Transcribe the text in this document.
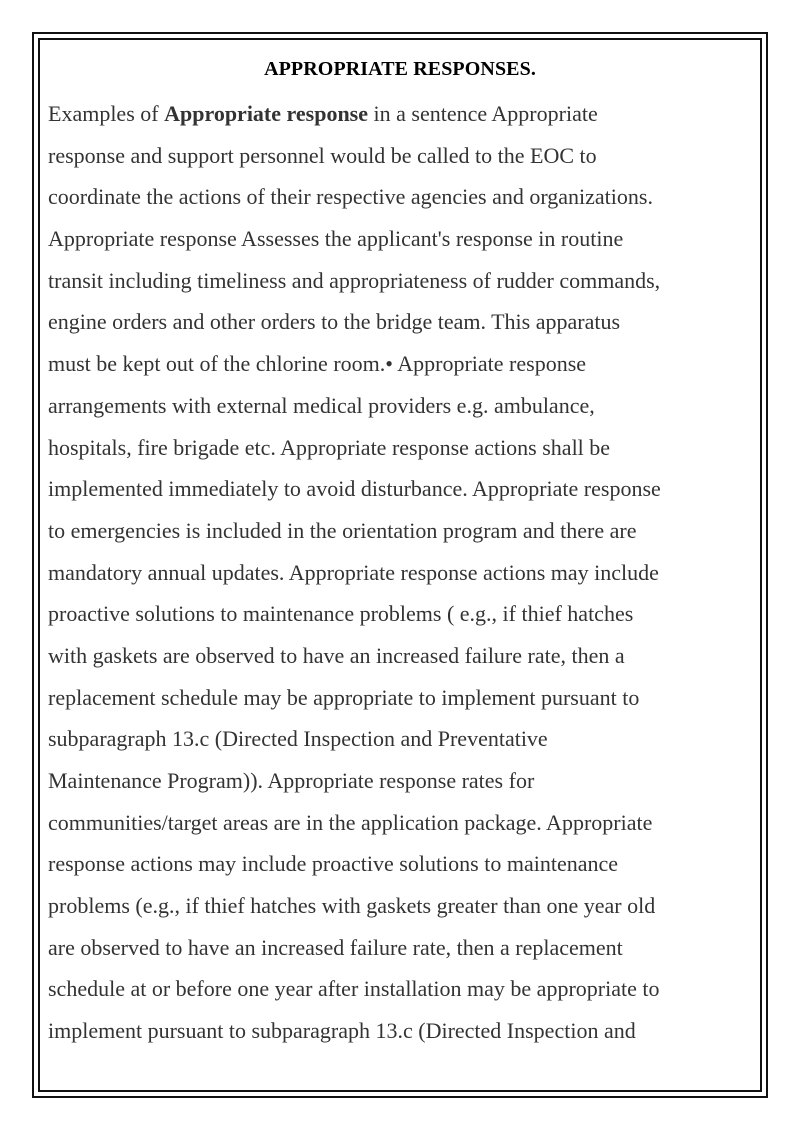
APPROPRIATE RESPONSES.
Examples of Appropriate response in a sentence Appropriate
response and support personnel would be called to the EOC to
coordinate the actions of their respective agencies and organizations.
Appropriate response Assesses the applicant's response in routine
transit including timeliness and appropriateness of rudder commands,
engine orders and other orders to the bridge team. This apparatus
must be kept out of the chlorine room.• Appropriate response
arrangements with external medical providers e.g. ambulance,
hospitals, fire brigade etc. Appropriate response actions shall be
implemented immediately to avoid disturbance. Appropriate response
to emergencies is included in the orientation program and there are
mandatory annual updates. Appropriate response actions may include
proactive solutions to maintenance problems ( e.g., if thief hatches
with gaskets are observed to have an increased failure rate, then a
replacement schedule may be appropriate to implement pursuant to
subparagraph 13.c (Directed Inspection and Preventative
Maintenance Program)). Appropriate response rates for
communities/target areas are in the application package. Appropriate
response actions may include proactive solutions to maintenance
problems (e.g., if thief hatches with gaskets greater than one year old
are observed to have an increased failure rate, then a replacement
schedule at or before one year after installation may be appropriate to
implement pursuant to subparagraph 13.c (Directed Inspection and
